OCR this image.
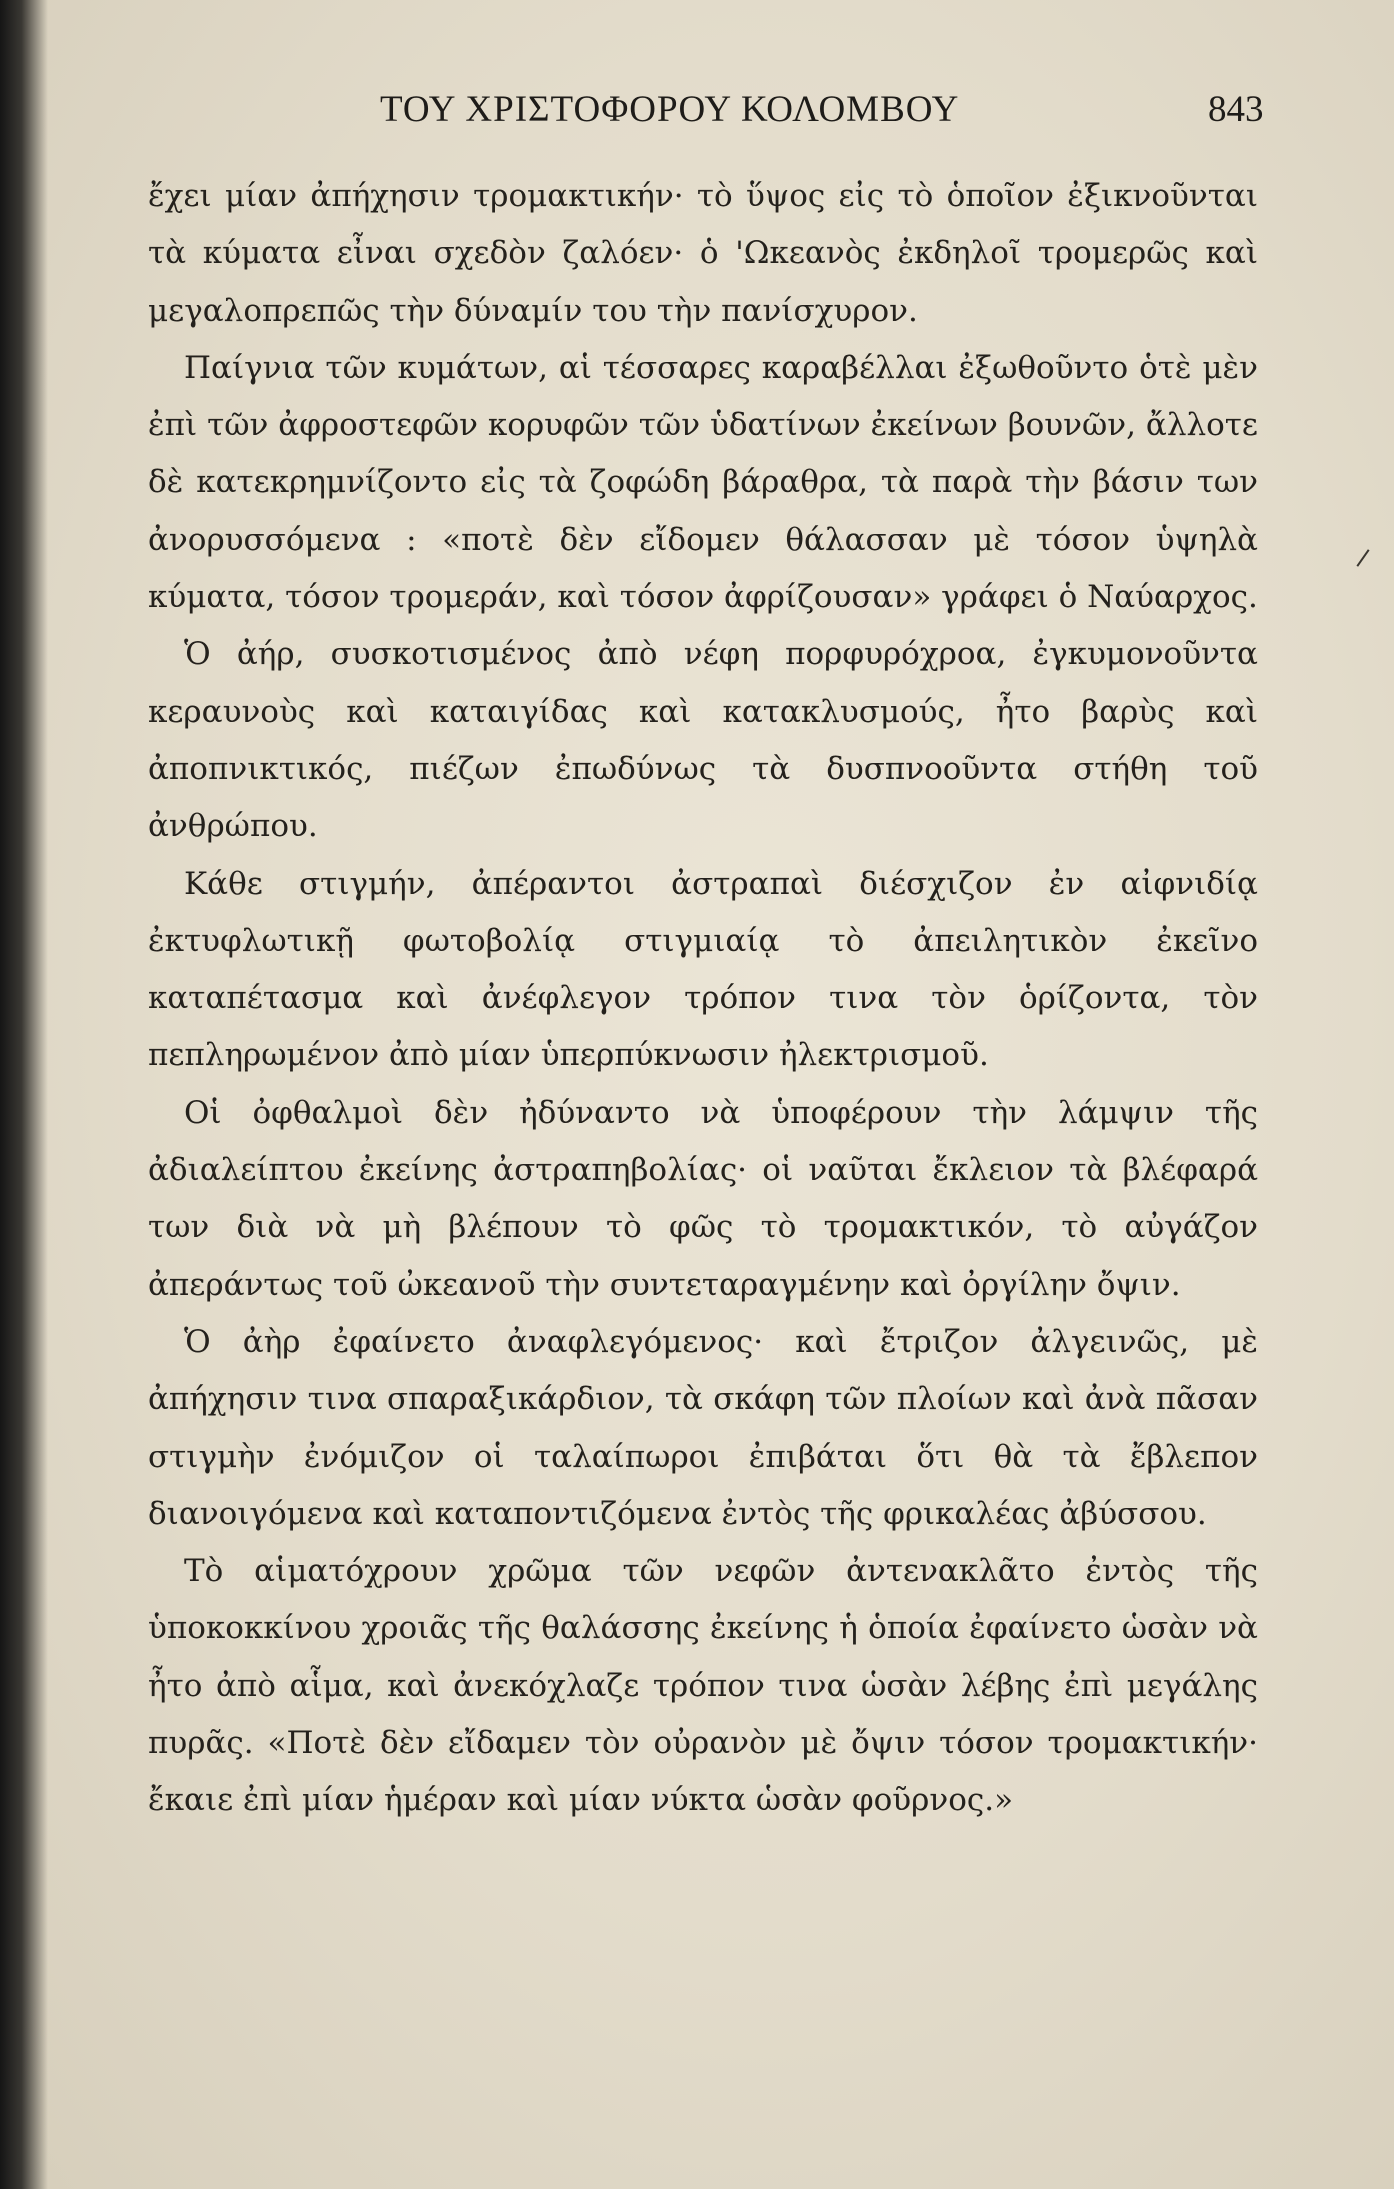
ΤΟΥ ΧΡΙΣΤΟΦΟΡΟΥ ΚΟΛΟΜΒΟΥ	843

ἔχει μίαν ἀπήχησιν τρομακτικήν· τὸ ὕψος εἰς τὸ ὁποῖον ἐξικνοῦνται τὰ κύματα εἶναι σχεδὸν ζαλόεν· ὁ 'Ωκεανὸς ἐκδηλοῖ τρομερῶς καὶ μεγαλοπρεπῶς τὴν δύναμίν του τὴν πανίσχυρον.

Παίγνια τῶν κυμάτων, αἱ τέσσαρες καραβέλλαι ἐξωθοῦντο ὁτὲ μὲν ἐπὶ τῶν ἀφροστεφῶν κορυφῶν τῶν ὑδατίνων ἐκείνων βουνῶν, ἄλλοτε δὲ κατεκρημνίζοντο εἰς τὰ ζοφώδη βάραθρα, τὰ παρὰ τὴν βάσιν των ἀνορυσσόμενα : «ποτὲ δὲν εἴδομεν θάλασσαν μὲ τόσον ὑψηλὰ κύματα, τόσον τρομεράν, καὶ τόσον ἀφρίζουσαν» γράφει ὁ Ναύαρχος.

Ὁ ἀήρ, συσκοτισμένος ἀπὸ νέφη πορφυρόχροα, ἐγκυμονοῦντα κεραυνοὺς καὶ καταιγίδας καὶ κατακλυσμούς, ἦτο βαρὺς καὶ ἀποπνικτικός, πιέζων ἐπωδύνως τὰ δυσπνοοῦντα στήθη τοῦ ἀνθρώπου.

Κάθε στιγμήν, ἀπέραντοι ἀστραπαὶ διέσχιζον ἐν αἰφνιδίᾳ ἐκτυφλωτικῇ φωτοβολίᾳ στιγμιαίᾳ τὸ ἀπειλητικὸν ἐκεῖνο καταπέτασμα καὶ ἀνέφλεγον τρόπον τινα τὸν ὁρίζοντα, τὸν πεπληρωμένον ἀπὸ μίαν ὑπερπύκνωσιν ἠλεκτρισμοῦ.

Οἱ ὀφθαλμοὶ δὲν ἠδύναντο νὰ ὑποφέρουν τὴν λάμψιν τῆς ἀδιαλείπτου ἐκείνης ἀστραπηβολίας· οἱ ναῦται ἔκλειον τὰ βλέφαρά των διὰ νὰ μὴ βλέπουν τὸ φῶς τὸ τρομακτικόν, τὸ αὐγάζον ἀπεράντως τοῦ ὠκεανοῦ τὴν συντεταραγμένην καὶ ὀργίλην ὄψιν.

Ὁ ἀὴρ ἐφαίνετο ἀναφλεγόμενος· καὶ ἔτριζον ἀλγεινῶς, μὲ ἀπήχησιν τινα σπαραξικάρδιον, τὰ σκάφη τῶν πλοίων καὶ ἀνὰ πᾶσαν στιγμὴν ἐνόμιζον οἱ ταλαίπωροι ἐπιβάται ὅτι θὰ τὰ ἔβλεπον διανοιγόμενα καὶ καταποντιζόμενα ἐντὸς τῆς φρικαλέας ἀβύσσου.

Τὸ αἱματόχρουν χρῶμα τῶν νεφῶν ἀντενακλᾶτο ἐντὸς τῆς ὑποκοκκίνου χροιᾶς τῆς θαλάσσης ἐκείνης ἡ ὁποία ἐφαίνετο ὡσὰν νὰ ἦτο ἀπὸ αἷμα, καὶ ἀνεκόχλαζε τρόπον τινα ὡσὰν λέβης ἐπὶ μεγάλης πυρᾶς. «Ποτὲ δὲν εἴδαμεν τὸν οὐρανὸν μὲ ὄψιν τόσον τρομακτικήν· ἔκαιε ἐπὶ μίαν ἡμέραν καὶ μίαν νύκτα ὡσὰν φοῦρνος.»
